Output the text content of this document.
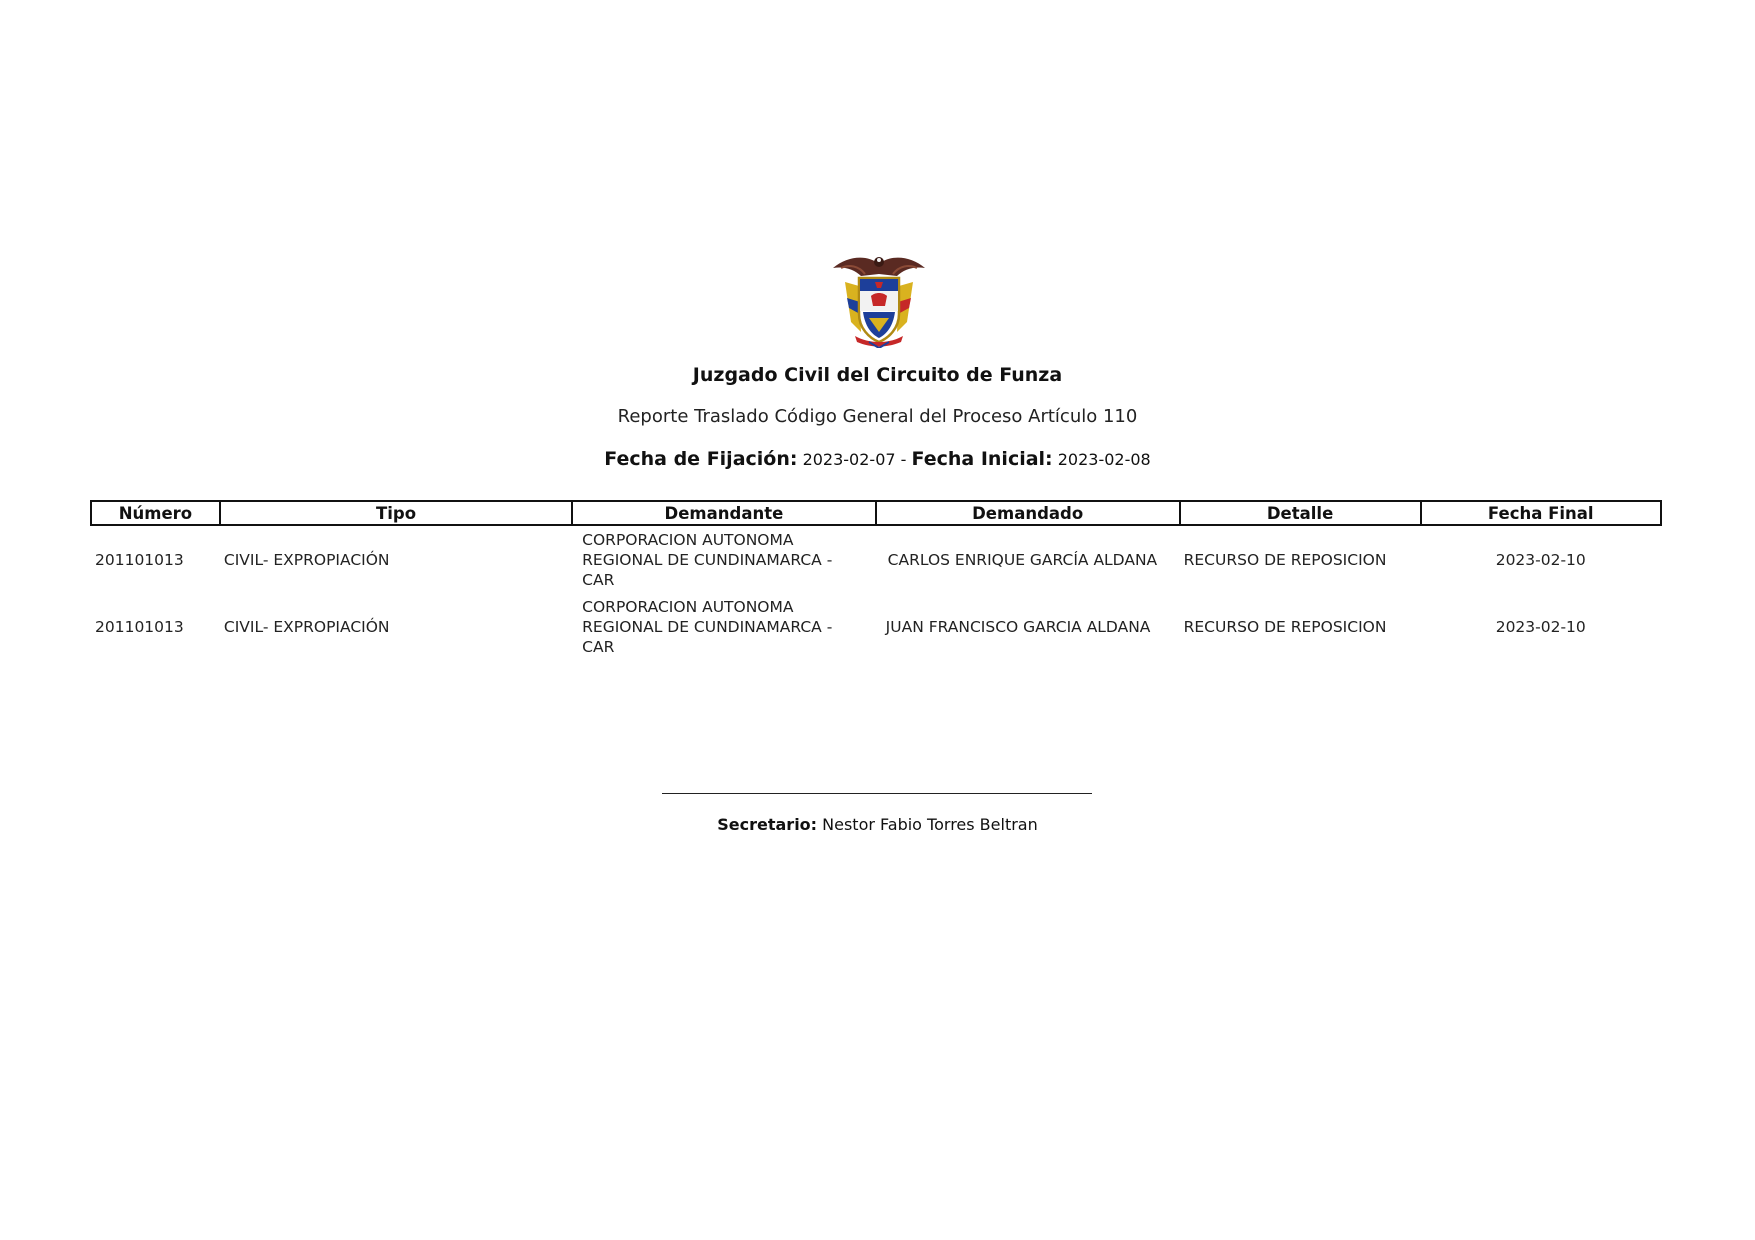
Juzgado Civil del Circuito de Funza
Reporte Traslado Código General del Proceso Artículo 110
Fecha de Fijación: 2023-02-07 - Fecha Inicial: 2023-02-08
Número	Tipo	Demandante	Demandado	Detalle	Fecha Final
201101013	CIVIL- EXPROPIACIÓN	CORPORACION AUTONOMA REGIONAL DE CUNDINAMARCA - CAR	CARLOS ENRIQUE GARCÍA ALDANA	RECURSO DE REPOSICION	2023-02-10
201101013	CIVIL- EXPROPIACIÓN	CORPORACION AUTONOMA REGIONAL DE CUNDINAMARCA - CAR	JUAN FRANCISCO GARCIA ALDANA	RECURSO DE REPOSICION	2023-02-10
Secretario: Nestor Fabio Torres Beltran
